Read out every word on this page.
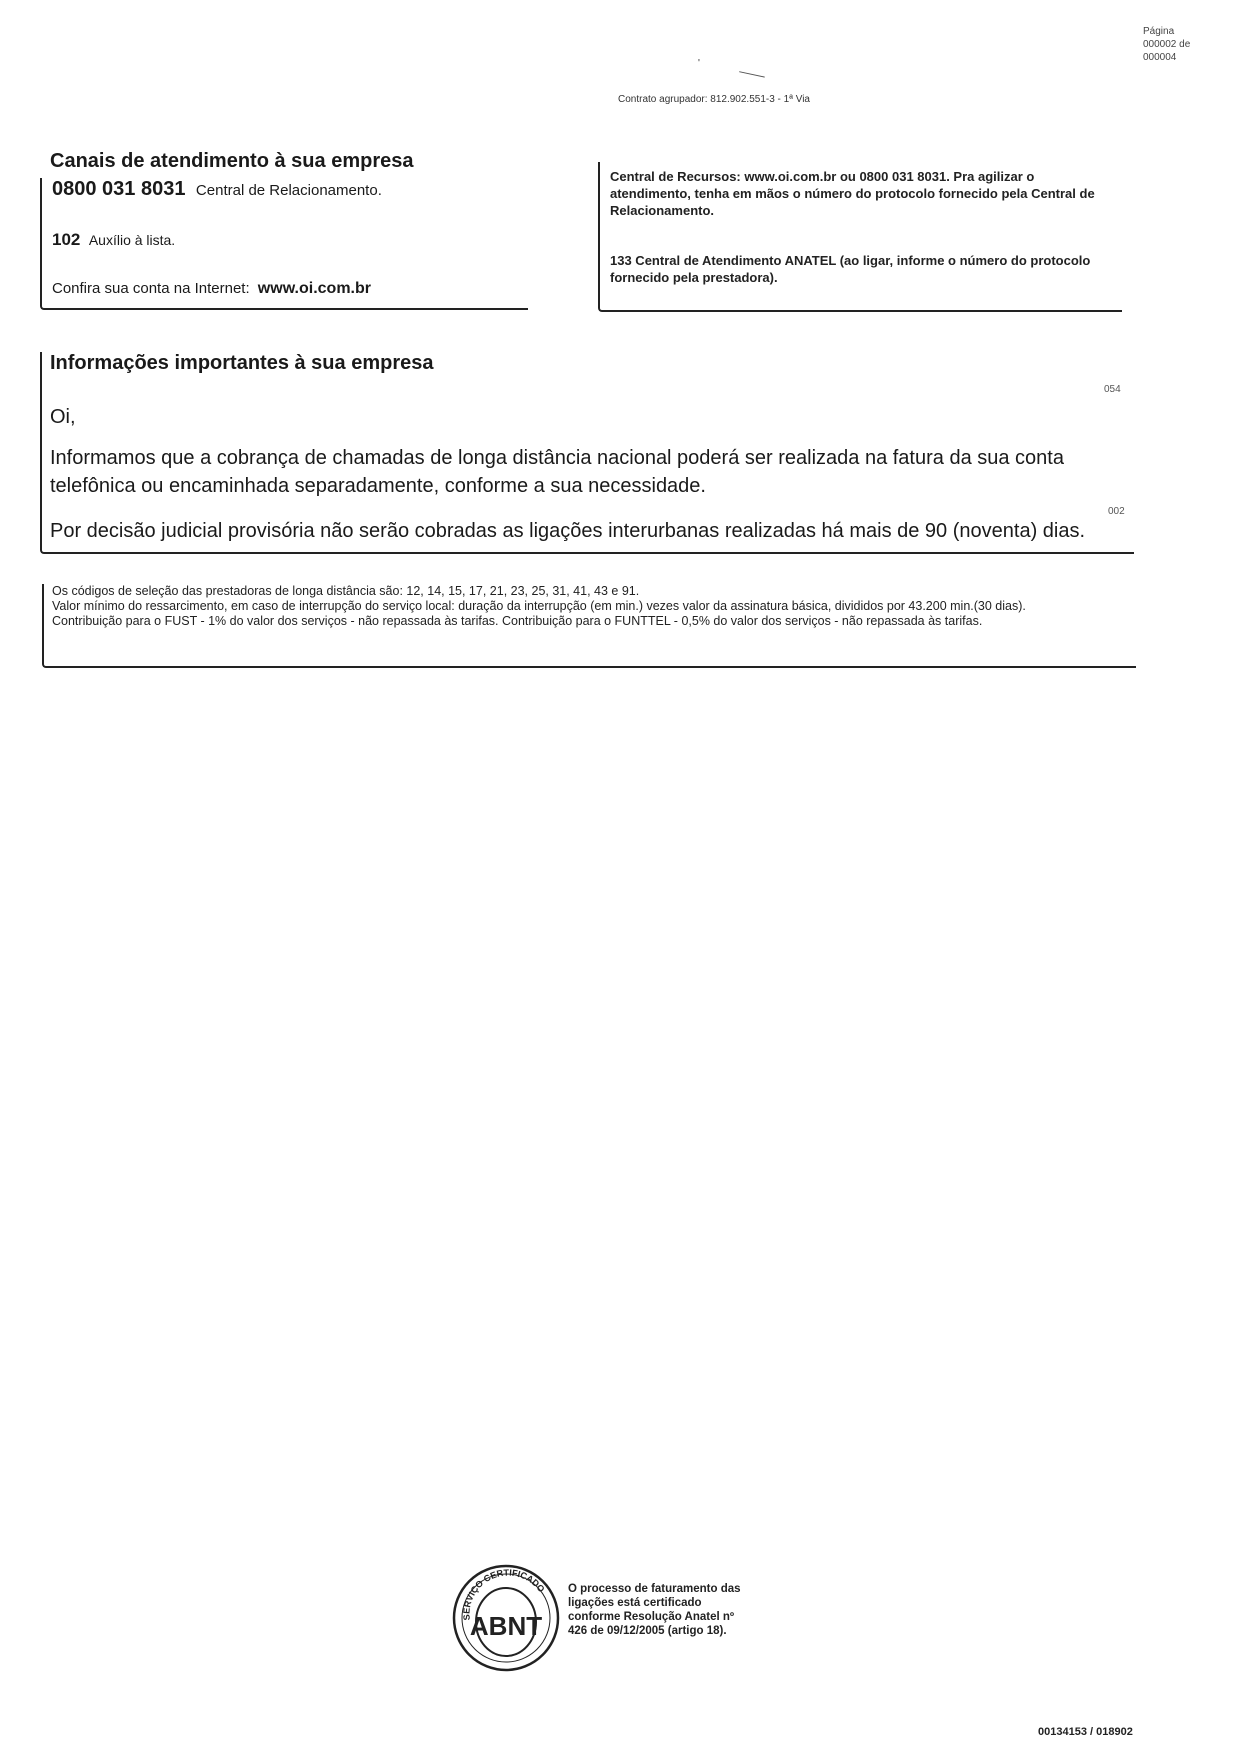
Página
000002 de
000004
'
Contrato agrupador: 812.902.551-3 - 1ª Via
Canais de atendimento à sua empresa
0800 031 8031 Central de Relacionamento.
102 Auxílio à lista.
Confira sua conta na Internet: www.oi.com.br
Central de Recursos: www.oi.com.br ou 0800 031 8031. Pra agilizar o atendimento, tenha em mãos o número do protocolo fornecido pela Central de Relacionamento.
133 Central de Atendimento ANATEL (ao ligar, informe o número do protocolo fornecido pela prestadora).
Informações importantes à sua empresa
054
Oi,
Informamos que a cobrança de chamadas de longa distância nacional poderá ser realizada na fatura da sua conta telefônica ou encaminhada separadamente, conforme a sua necessidade.
002
Por decisão judicial provisória não serão cobradas as ligações interurbanas realizadas há mais de 90 (noventa) dias.
Os códigos de seleção das prestadoras de longa distância são: 12, 14, 15, 17, 21, 23, 25, 31, 41, 43 e 91.
Valor mínimo do ressarcimento, em caso de interrupção do serviço local: duração da interrupção (em min.) vezes valor da assinatura básica, divididos por 43.200 min.(30 dias).
Contribuição para o FUST - 1% do valor dos serviços - não repassada às tarifas. Contribuição para o FUNTTEL - 0,5% do valor dos serviços - não repassada às tarifas.
ABNT
SERVIÇO CERTIFICADO O processo de faturamento das ligações está certificado conforme Resolução Anatel nº 426 de 09/12/2005 (artigo 18).
00134153 / 018902
